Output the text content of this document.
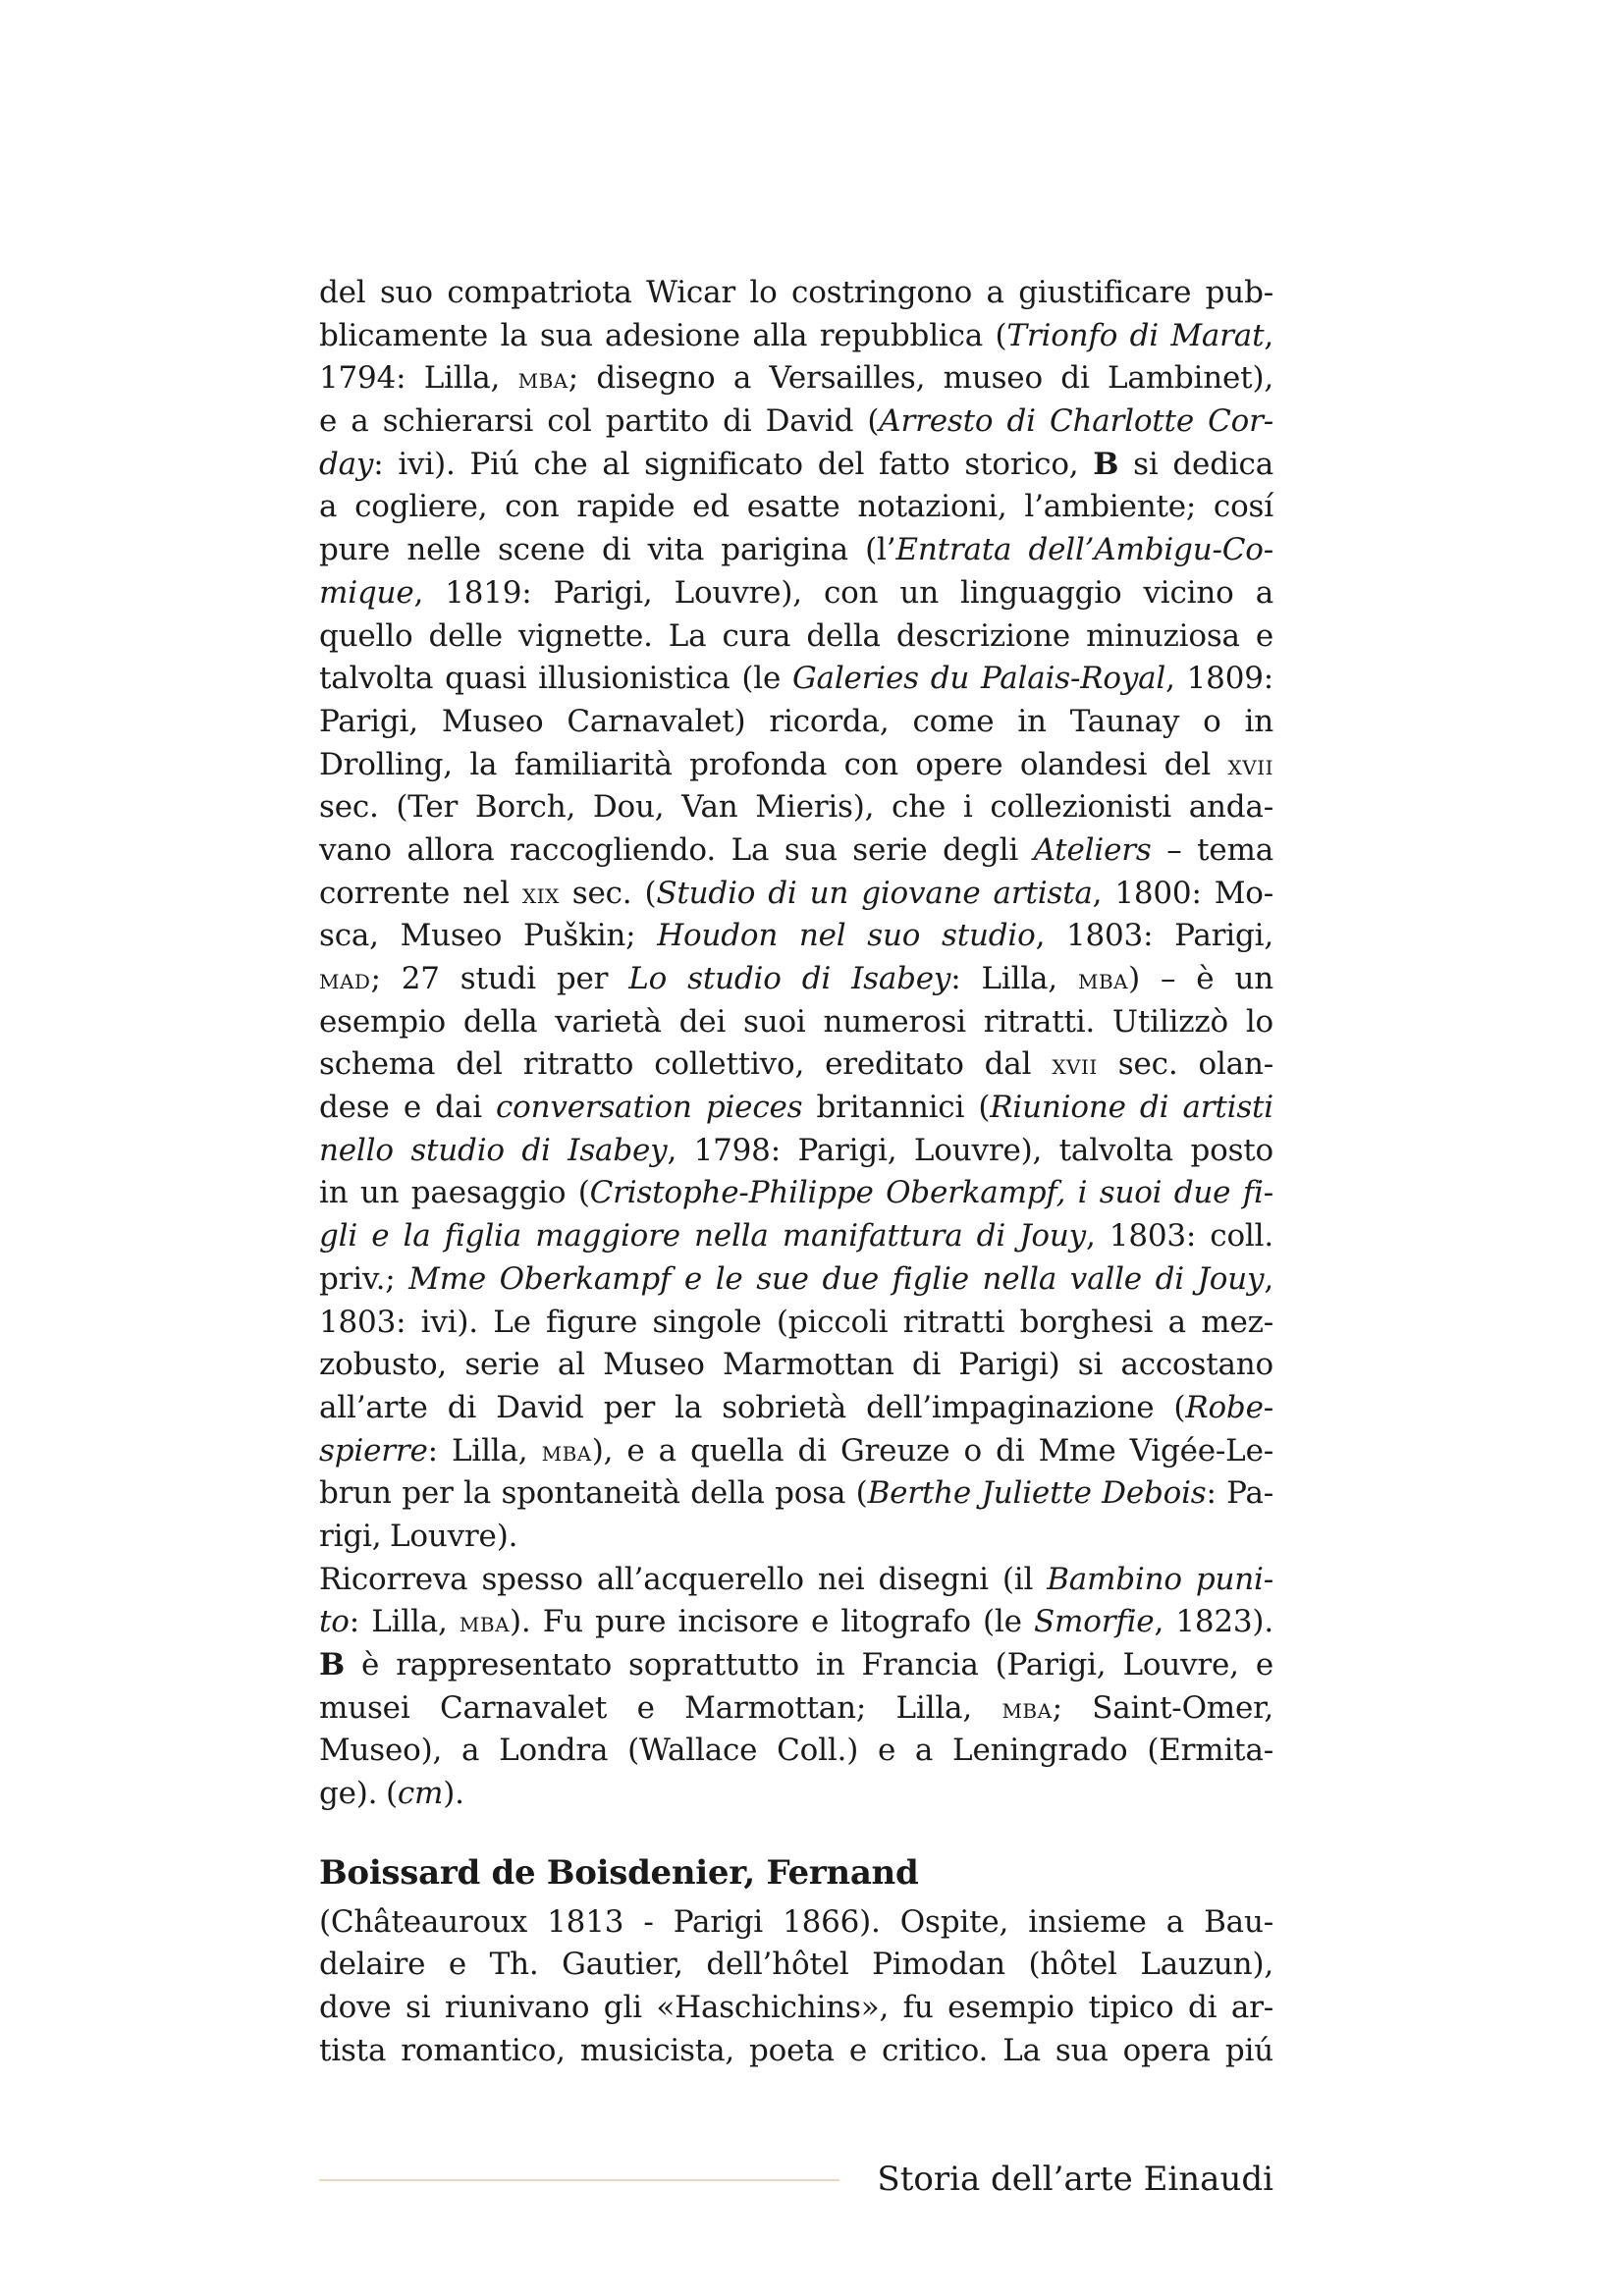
del suo compatriota Wicar lo costringono a giustificare pub-
blicamente la sua adesione alla repubblica (Trionfo di Marat,
1794: Lilla, mba; disegno a Versailles, museo di Lambinet),
e a schierarsi col partito di David (Arresto di Charlotte Cor-
day: ivi). Piú che al significato del fatto storico, B si dedica
a cogliere, con rapide ed esatte notazioni, l’ambiente; cosí
pure nelle scene di vita parigina (l’Entrata dell’Ambigu-Co-
mique, 1819: Parigi, Louvre), con un linguaggio vicino a
quello delle vignette. La cura della descrizione minuziosa e
talvolta quasi illusionistica (le Galeries du Palais-Royal, 1809:
Parigi, Museo Carnavalet) ricorda, come in Taunay o in
Drolling, la familiarità profonda con opere olandesi del xvii
sec. (Ter Borch, Dou, Van Mieris), che i collezionisti anda-
vano allora raccogliendo. La sua serie degli Ateliers – tema
corrente nel xix sec. (Studio di un giovane artista, 1800: Mo-
sca, Museo Puškin; Houdon nel suo studio, 1803: Parigi,
mad; 27 studi per Lo studio di Isabey: Lilla, mba) – è un
esempio della varietà dei suoi numerosi ritratti. Utilizzò lo
schema del ritratto collettivo, ereditato dal xvii sec. olan-
dese e dai conversation pieces britannici (Riunione di artisti
nello studio di Isabey, 1798: Parigi, Louvre), talvolta posto
in un paesaggio (Cristophe-Philippe Oberkampf, i suoi due fi-
gli e la figlia maggiore nella manifattura di Jouy, 1803: coll.
priv.; Mme Oberkampf e le sue due figlie nella valle di Jouy,
1803: ivi). Le figure singole (piccoli ritratti borghesi a mez-
zobusto, serie al Museo Marmottan di Parigi) si accostano
all’arte di David per la sobrietà dell’impaginazione (Robe-
spierre: Lilla, mba), e a quella di Greuze o di Mme Vigée-Le-
brun per la spontaneità della posa (Berthe Juliette Debois: Pa-
rigi, Louvre).
Ricorreva spesso all’acquerello nei disegni (il Bambino puni-
to: Lilla, mba). Fu pure incisore e litografo (le Smorfie, 1823).
B è rappresentato soprattutto in Francia (Parigi, Louvre, e
musei Carnavalet e Marmottan; Lilla, mba; Saint-Omer,
Museo), a Londra (Wallace Coll.) e a Leningrado (Ermita-
ge). (cm).
Boissard de Boisdenier, Fernand
(Châteauroux 1813 - Parigi 1866). Ospite, insieme a Bau-
delaire e Th. Gautier, dell’hôtel Pimodan (hôtel Lauzun),
dove si riunivano gli «Haschichins», fu esempio tipico di ar-
tista romantico, musicista, poeta e critico. La sua opera piú
Storia dell’arte Einaudi
